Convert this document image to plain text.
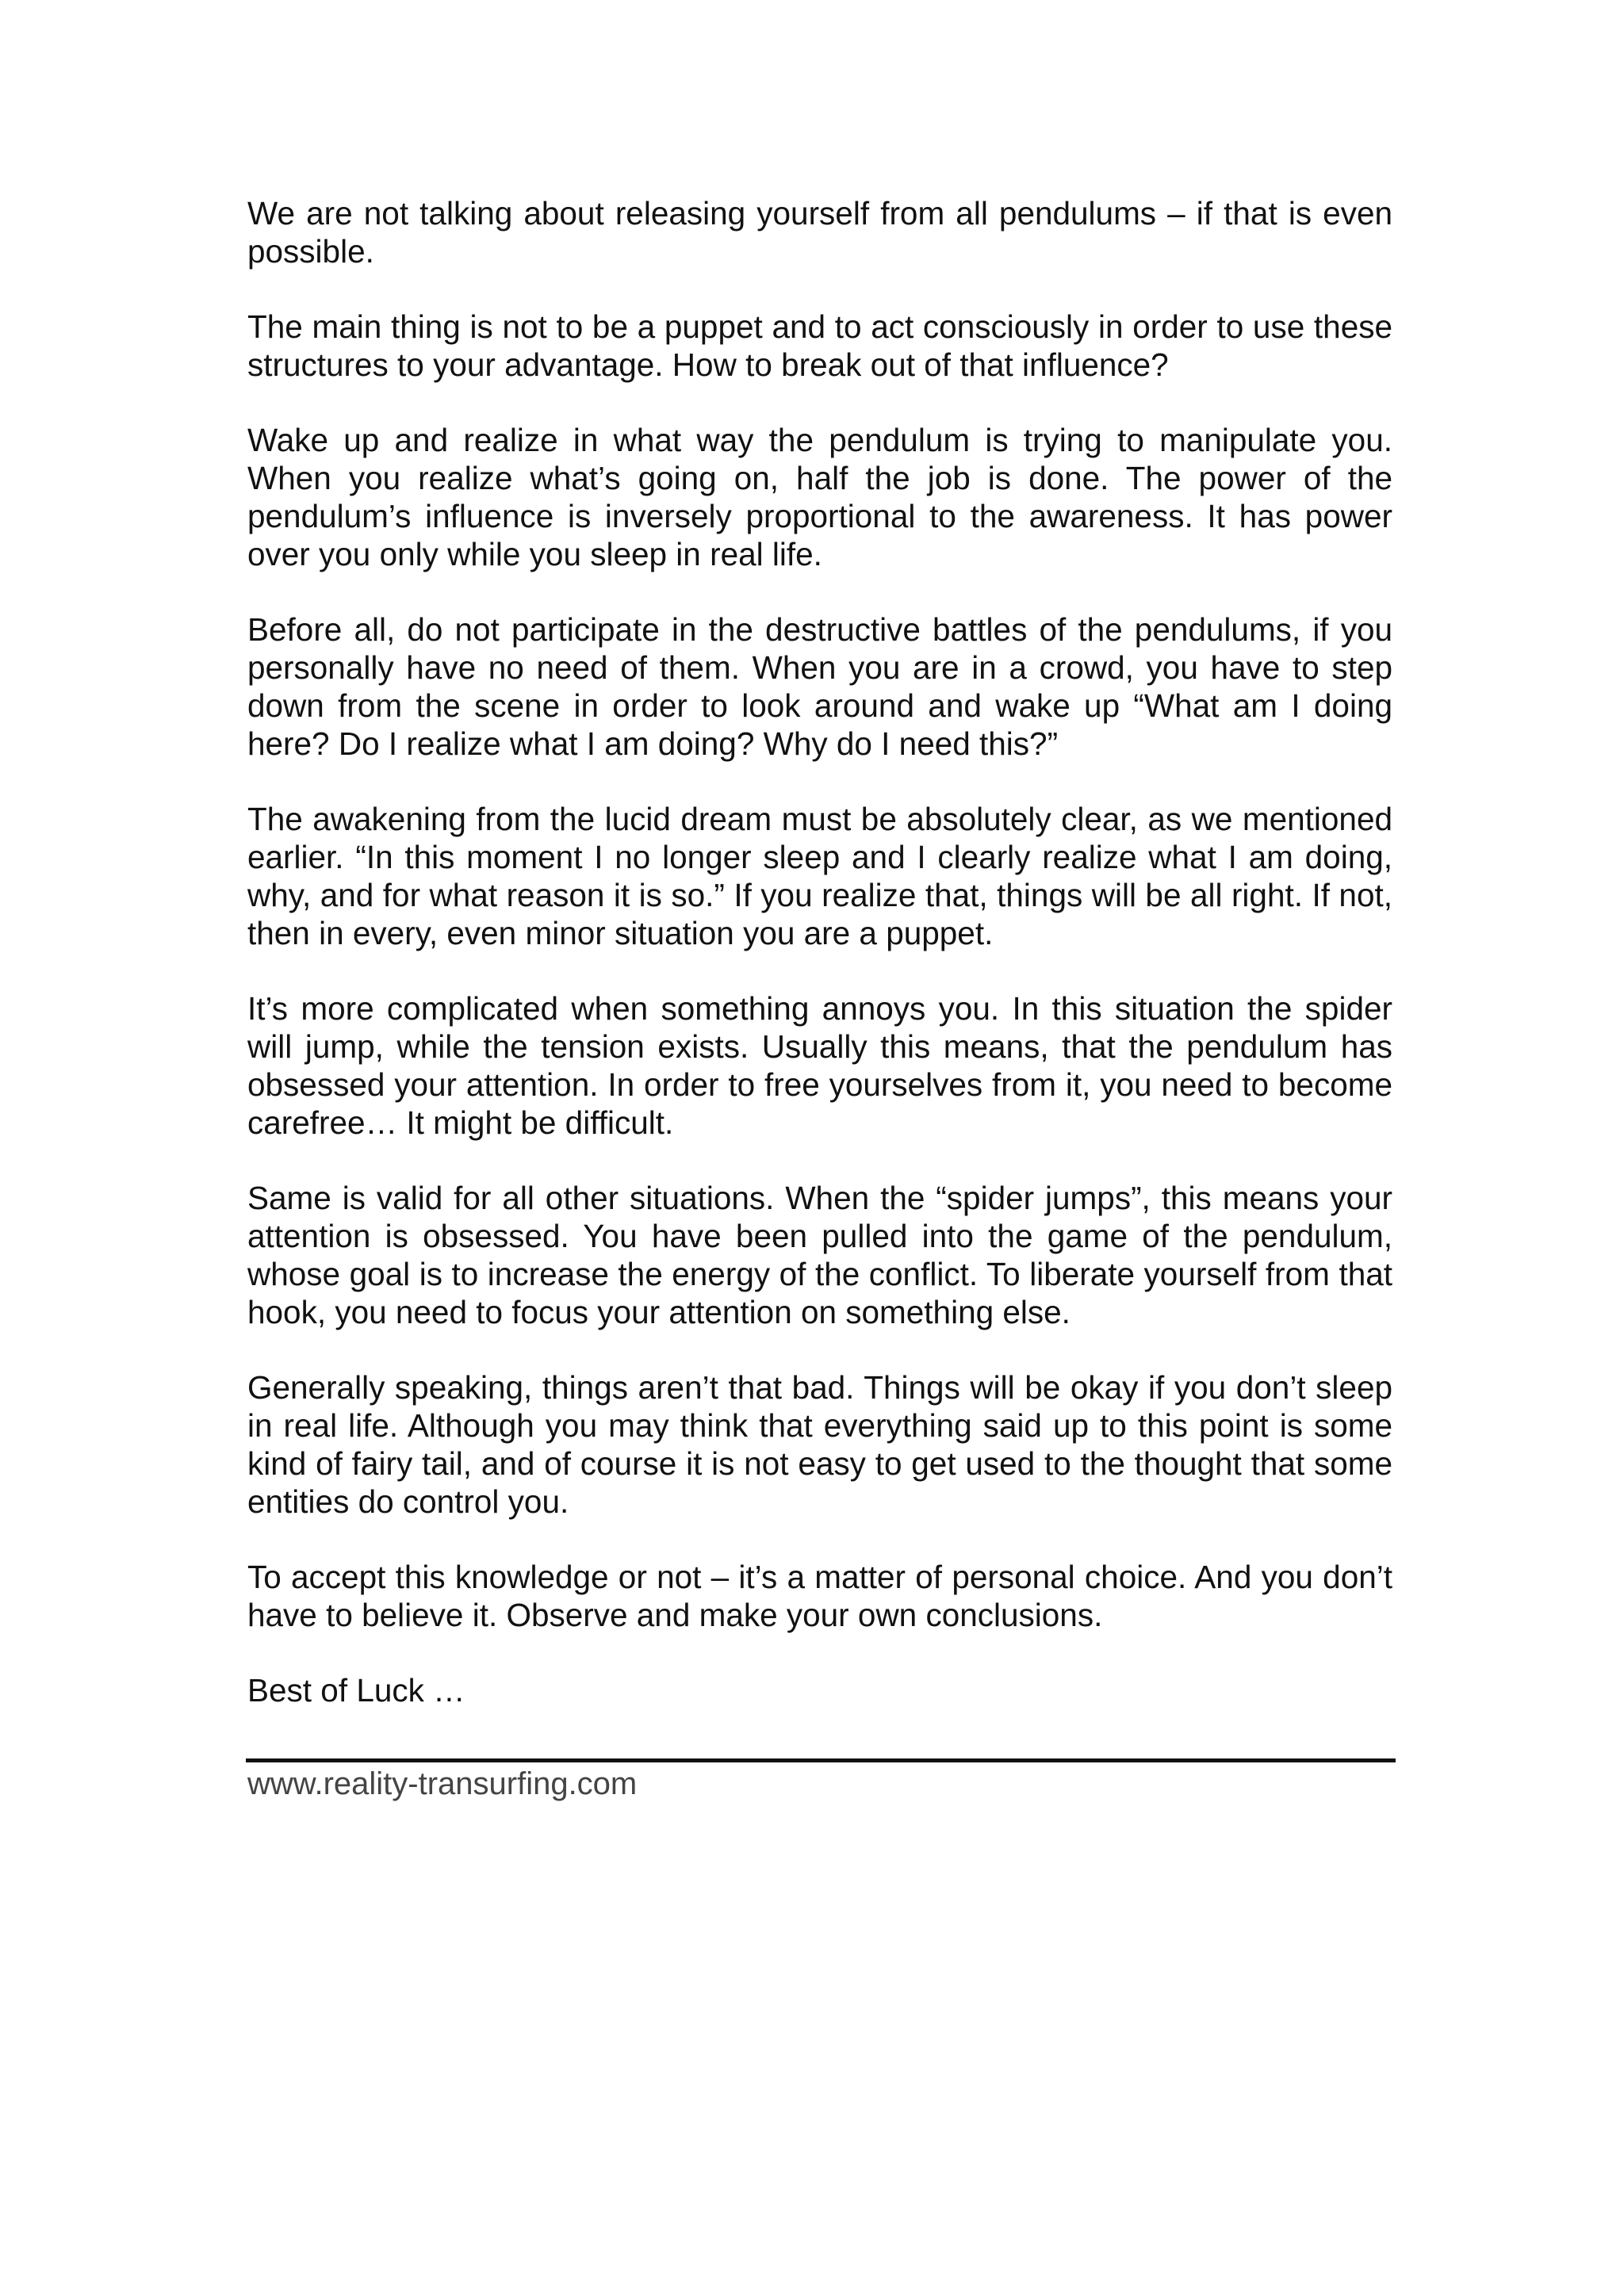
We are not talking about releasing yourself from all pendulums – if that is even possible.

The main thing is not to be a puppet and to act consciously in order to use these structures to your advantage. How to break out of that influence?

Wake up and realize in what way the pendulum is trying to manipulate you. When you realize what’s going on, half the job is done. The power of the pendulum’s influence is inversely proportional to the awareness. It has power over you only while you sleep in real life.

Before all, do not participate in the destructive battles of the pendulums, if you personally have no need of them. When you are in a crowd, you have to step down from the scene in order to look around and wake up “What am I doing here? Do I realize what I am doing? Why do I need this?”

The awakening from the lucid dream must be absolutely clear, as we mentioned earlier. “In this moment I no longer sleep and I clearly realize what I am doing, why, and for what reason it is so.” If you realize that, things will be all right. If not, then in every, even minor situation you are a puppet.

It’s more complicated when something annoys you. In this situation the spider will jump, while the tension exists. Usually this means, that the pendulum has obsessed your attention. In order to free yourselves from it, you need to become carefree… It might be difficult.

Same is valid for all other situations. When the “spider jumps”, this means your attention is obsessed. You have been pulled into the game of the pendulum, whose goal is to increase the energy of the conflict. To liberate yourself from that hook, you need to focus your attention on something else.

Generally speaking, things aren’t that bad. Things will be okay if you don’t sleep in real life. Although you may think that everything said up to this point is some kind of fairy tail, and of course it is not easy to get used to the thought that some entities do control you.

To accept this knowledge or not – it’s a matter of personal choice. And you don’t have to believe it. Observe and make your own conclusions.

Best of Luck …

www.reality-transurfing.com
